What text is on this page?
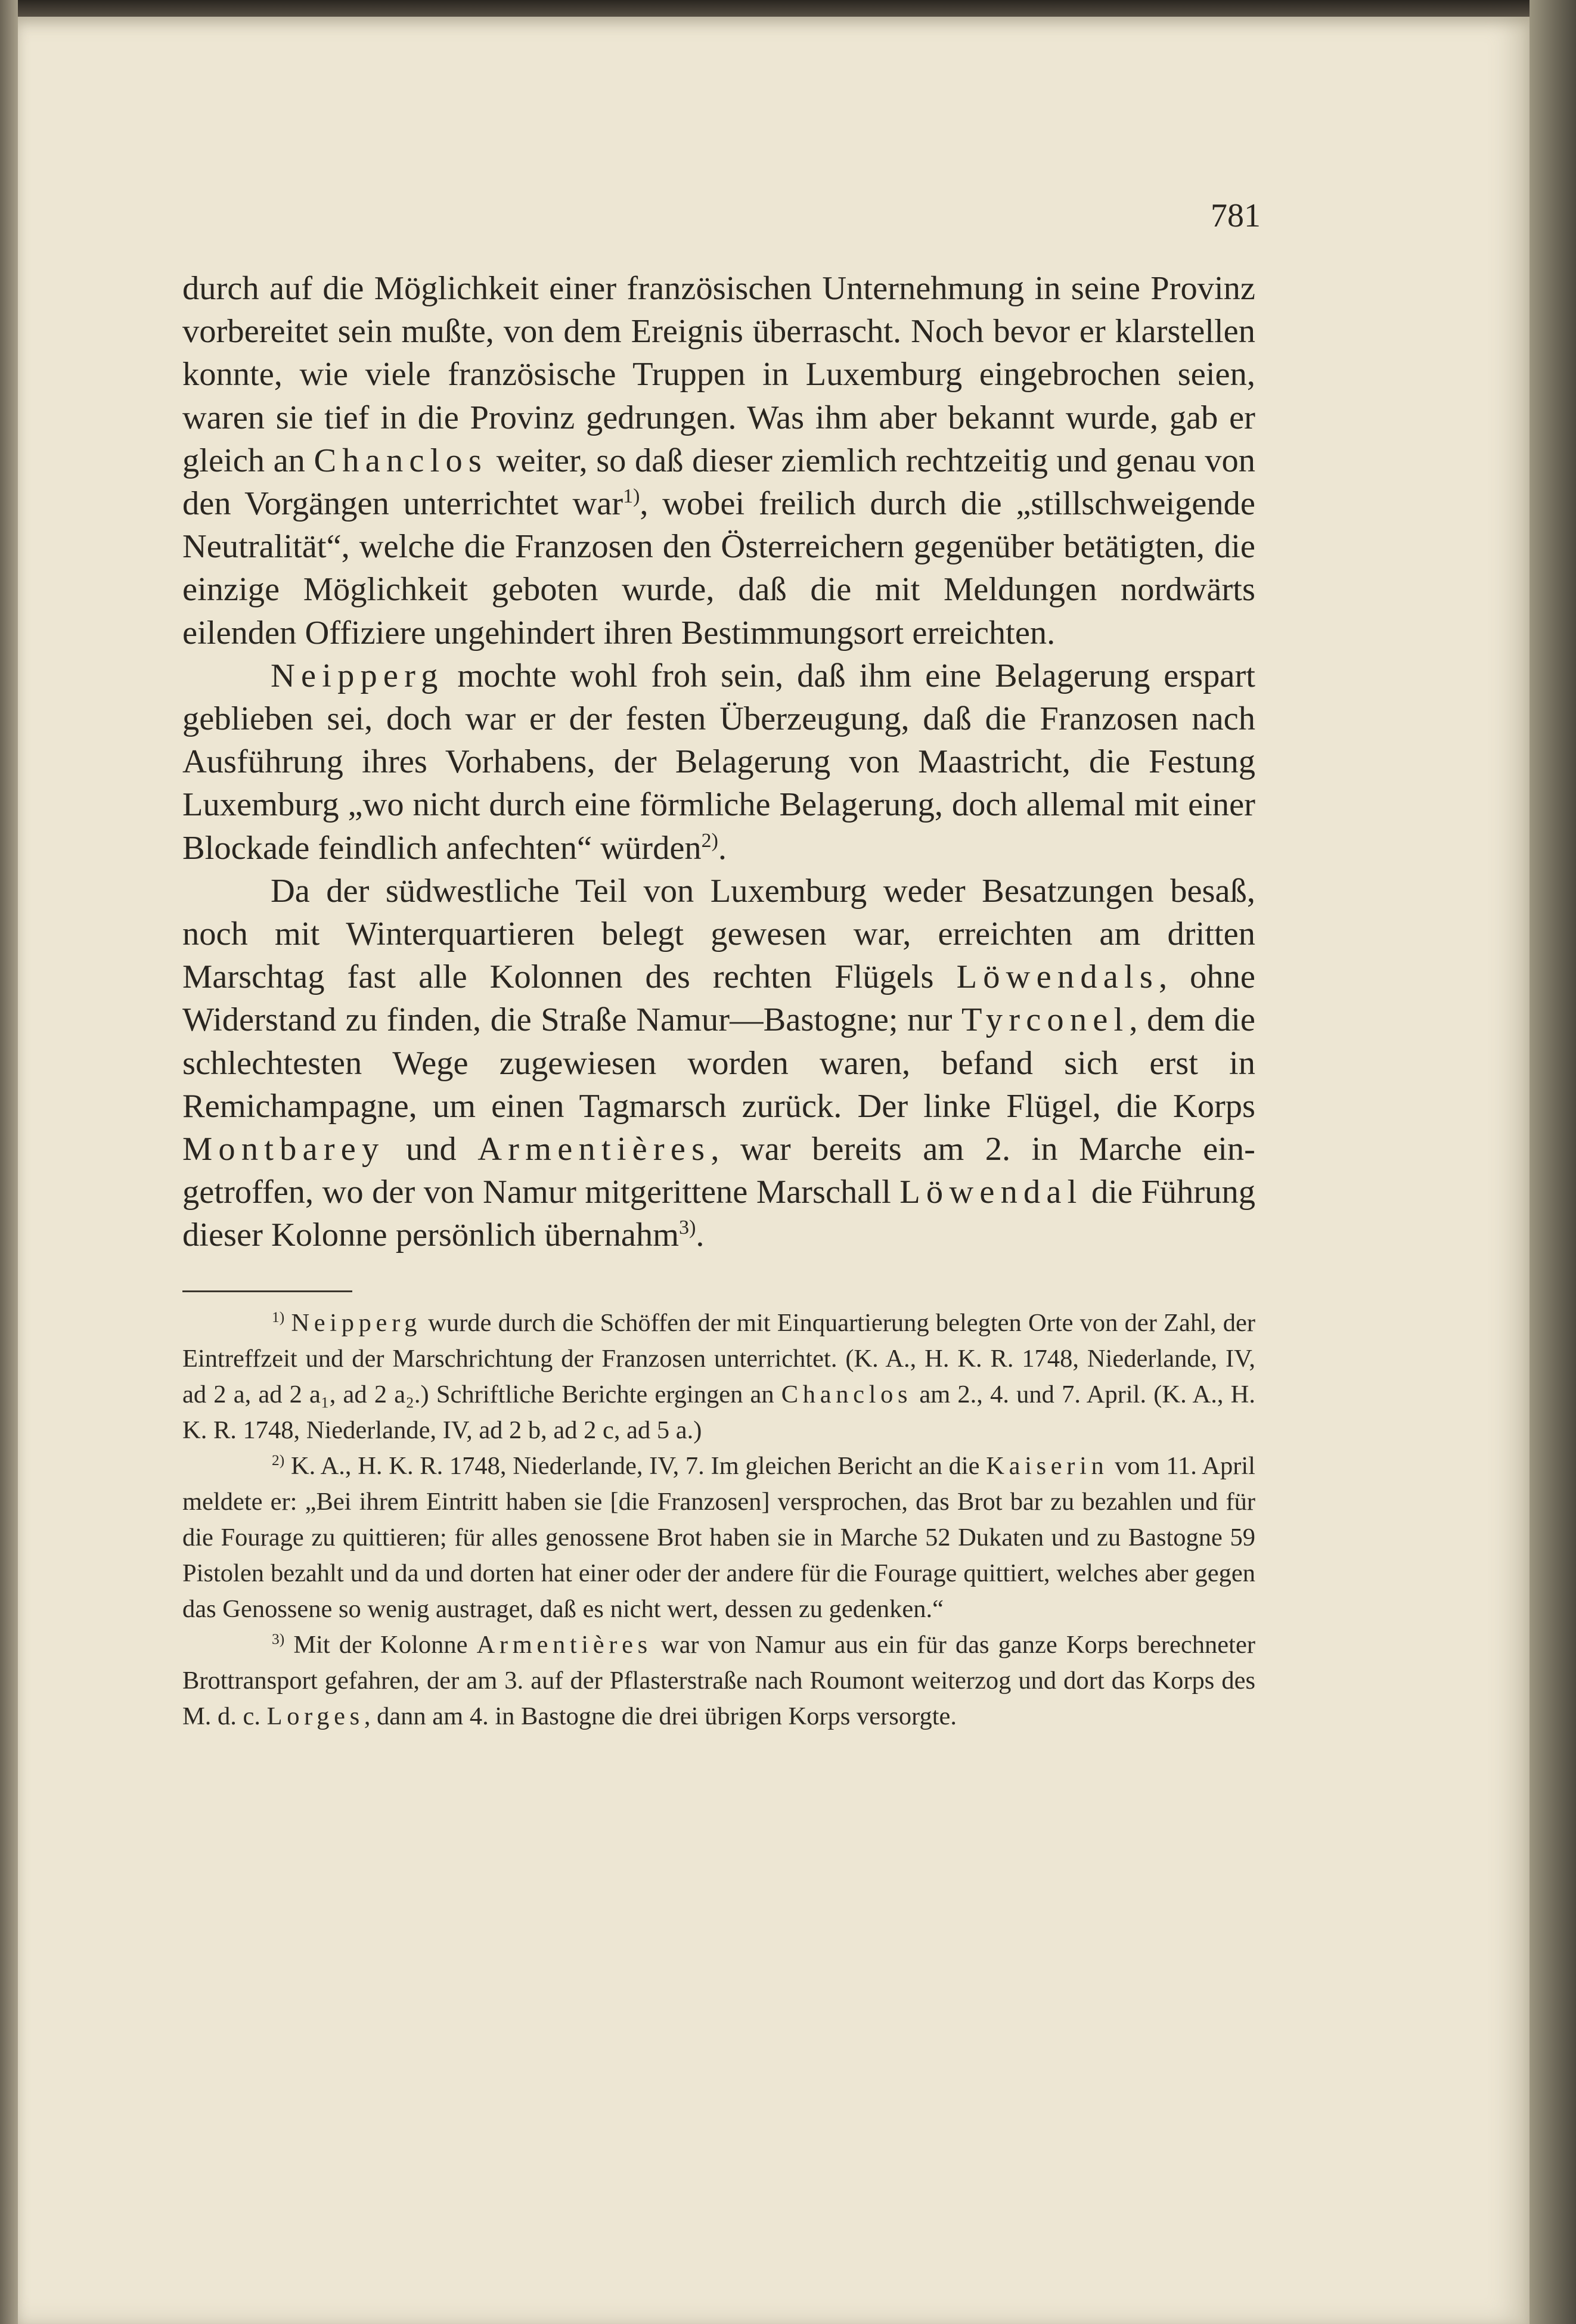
781

durch auf die Möglichkeit einer französischen Unternehmung in seine Provinz vorbereitet sein mußte, von dem Ereignis überrascht. Noch bevor er klarstellen konnte, wie viele französische Truppen in Luxemburg eingebrochen seien, waren sie tief in die Provinz gedrungen. Was ihm aber bekannt wurde, gab er gleich an Chanclos weiter, so daß dieser ziemlich rechtzeitig und genau von den Vorgängen unterrichtet war$^{1)}$, wobei freilich durch die „stillschweigende Neutralität“, welche die Franzosen den Österreichern gegenüber betätigten, die einzige Möglichkeit geboten wurde, daß die mit Meldungen nordwärts eilenden Offiziere ungehindert ihren Bestimmungsort erreichten.

Neipperg mochte wohl froh sein, daß ihm eine Belagerung erspart geblieben sei, doch war er der festen Überzeugung, daß die Franzosen nach Ausführung ihres Vorhabens, der Belagerung von Maastricht, die Festung Luxemburg „wo nicht durch eine förmliche Belagerung, doch allemal mit einer Blockade feindlich anfechten“ würden$^{2)}$.

Da der südwestliche Teil von Luxemburg weder Besatzungen besaß, noch mit Winterquartieren belegt gewesen war, erreichten am dritten Marschtag fast alle Kolonnen des rechten Flügels Löwendals, ohne Widerstand zu finden, die Straße Namur—Bastogne; nur Tyrconel, dem die schlechtesten Wege zugewiesen worden waren, befand sich erst in Remichampagne, um einen Tagmarsch zurück. Der linke Flügel, die Korps Montbarey und Armentières, war bereits am 2. in Marche eingetroffen, wo der von Namur mitgerittene Marschall Löwendal die Führung dieser Kolonne persönlich übernahm$^{3)}$.

$^{1)}$ Neipperg wurde durch die Schöffen der mit Einquartierung belegten Orte von der Zahl, der Eintreffzeit und der Marschrichtung der Franzosen unterrichtet. (K. A., H. K. R. 1748, Niederlande, IV, ad 2 a, ad 2 a₁, ad 2 a₂.) Schriftliche Berichte ergingen an Chanclos am 2., 4. und 7. April. (K. A., H. K. R. 1748, Niederlande, IV, ad 2 b, ad 2 c, ad 5 a.)

$^{2)}$ K. A., H. K. R. 1748, Niederlande, IV, 7. Im gleichen Bericht an die Kaiserin vom 11. April meldete er: „Bei ihrem Eintritt haben sie [die Franzosen] versprochen, das Brot bar zu bezahlen und für die Fourage zu quittieren; für alles genossene Brot haben sie in Marche 52 Dukaten und zu Bastogne 59 Pistolen bezahlt und da und dorten hat einer oder der andere für die Fourage quittiert, welches aber gegen das Genossene so wenig austraget, daß es nicht wert, dessen zu gedenken.“

$^{3)}$ Mit der Kolonne Armentières war von Namur aus ein für das ganze Korps berechneter Brottransport gefahren, der am 3. auf der Pflasterstraße nach Roumont weiterzog und dort das Korps des M. d. c. Lorges, dann am 4. in Bastogne die drei übrigen Korps versorgte.
